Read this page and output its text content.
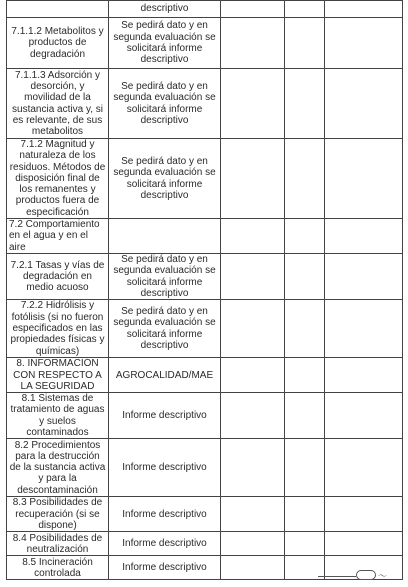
	descriptivo			
7.1.1.2 Metabolitos y productos de degradación	Se pedirá dato y en segunda evaluación se solicitará informe descriptivo			
7.1.1.3 Adsorción y desorción, y movilidad de la sustancia activa y, si es relevante, de sus metabolitos	Se pedirá dato y en segunda evaluación se solicitará informe descriptivo			
7.1.2 Magnitud y naturaleza de los residuos. Métodos de disposición final de los remanentes y productos fuera de especificación	Se pedirá dato y en segunda evaluación se solicitará informe descriptivo			
7.2 Comportamiento en el agua y en el aire				
7.2.1 Tasas y vías de degradación en medio acuoso	Se pedirá dato y en segunda evaluación se solicitará informe descriptivo			
7.2.2 Hidrólisis y fotólisis (si no fueron especificados en las propiedades físicas y químicas)	Se pedirá dato y en segunda evaluación se solicitará informe descriptivo			
8. INFORMACIÓN CON RESPECTO A LA SEGURIDAD	AGROCALIDAD/MAE			
8.1 Sistemas de tratamiento de aguas y suelos contaminados	Informe descriptivo			
8.2 Procedimientos para la destrucción de la sustancia activa y para la descontaminación	Informe descriptivo			
8.3 Posibilidades de recuperación (si se dispone)	Informe descriptivo			
8.4 Posibilidades de neutralización	Informe descriptivo			
8.5 Incineración controlada	Informe descriptivo			
～
